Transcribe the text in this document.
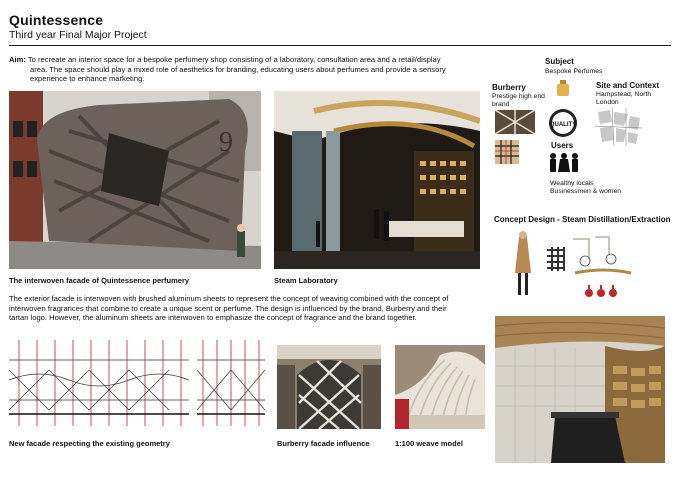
Quintessence
Third year Final Major Project
Aim: To recreate an interior space for a bespoke perfumery shop consisting of a laboratory, consultation area and a retail/display
area. The space should play a mixed role of aesthetics for branding, educating users about perfumes and provide a sensory
experience to enhance marketing.
9
The interwoven facade of Quintessence perfumery	Steam Laboratory
The exterior facade is interwoven with brushed aluminum sheets to represent the concept of weaving combined with the concept of
interwoven fragrances that combine to create a unique scent or perfume. The design is influenced by the brand, Burberry and their
tartan logo. However, the aluminum sheets are interwoven to emphasize the concept of fragrance and the brand together.
New facade respecting the existing geometry	Burberry facade influence	1:100 weave model
Subject
Bespoke Perfumes
Burberry
Prestige high end
brand
QUALITY
Site and Context
Hampstead, North
London
Users
Wealthy locals
Businessmen & women
Concept Design - Steam Distillation/Extraction
